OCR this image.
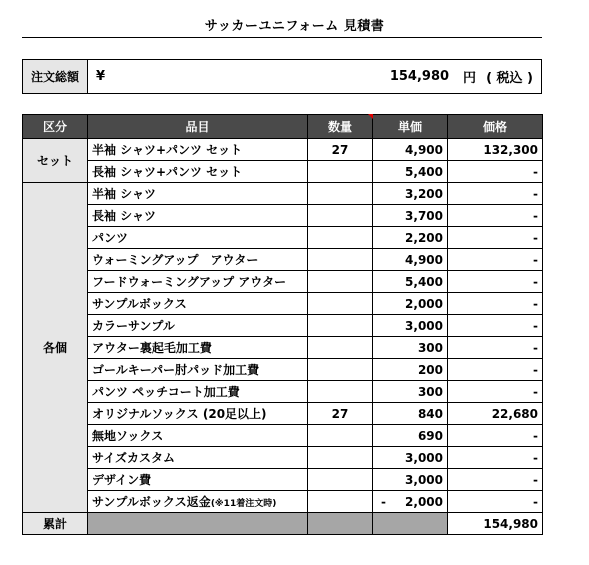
サッカーユニフォーム 見積書
注文総額	¥	154,980 円 ( 税込 )
区分	品目	数量	単価	価格
セット	半袖 シャツ+パンツ セット	27	4,900	132,300
	長袖 シャツ+パンツ セット		5,400	-
各個	半袖 シャツ		3,200	-
	長袖 シャツ		3,700	-
	パンツ		2,200	-
	ウォーミングアップ　アウター		4,900	-
	フードウォーミングアップ アウター		5,400	-
	サンプルボックス		2,000	-
	カラーサンプル		3,000	-
	アウター裏起毛加工費		300	-
	ゴールキーパー肘パッド加工費		200	-
	パンツ ペッチコート加工費		300	-
	オリジナルソックス (20足以上)	27	840	22,680
	無地ソックス		690	-
	サイズカスタム		3,000	-
	デザイン費		3,000	-
	サンプルボックス返金(※11着注文時)		- 2,000	-
累計				154,980
